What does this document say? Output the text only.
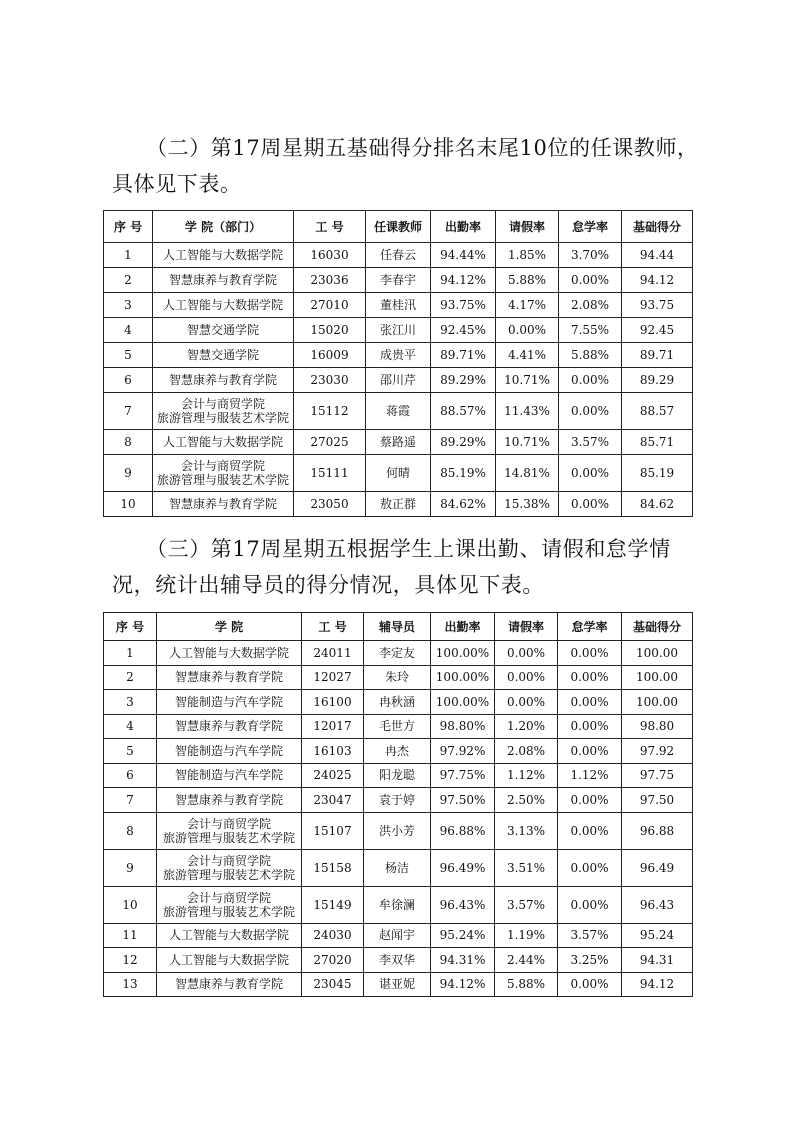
（二）第17周星期五基础得分排名末尾10位的任课教师，具体见下表。

序 号	学 院（部门）	工 号	任课教师	出勤率	请假率	怠学率	基础得分
1	人工智能与大数据学院	16030	任春云	94.44%	1.85%	3.70%	94.44
2	智慧康养与教育学院	23036	李春宇	94.12%	5.88%	0.00%	94.12
3	人工智能与大数据学院	27010	董桂汛	93.75%	4.17%	2.08%	93.75
4	智慧交通学院	15020	张江川	92.45%	0.00%	7.55%	92.45
5	智慧交通学院	16009	成贵平	89.71%	4.41%	5.88%	89.71
6	智慧康养与教育学院	23030	邵川芹	89.29%	10.71%	0.00%	89.29
7	会计与商贸学院
旅游管理与服装艺术学院	15112	蒋霞	88.57%	11.43%	0.00%	88.57
8	人工智能与大数据学院	27025	蔡路遥	89.29%	10.71%	3.57%	85.71
9	会计与商贸学院
旅游管理与服装艺术学院	15111	何晴	85.19%	14.81%	0.00%	85.19
10	智慧康养与教育学院	23050	敖正群	84.62%	15.38%	0.00%	84.62

（三）第17周星期五根据学生上课出勤、请假和怠学情况，统计出辅导员的得分情况，具体见下表。

序 号	学 院	工 号	辅导员	出勤率	请假率	怠学率	基础得分
1	人工智能与大数据学院	24011	李定友	100.00%	0.00%	0.00%	100.00
2	智慧康养与教育学院	12027	朱玲	100.00%	0.00%	0.00%	100.00
3	智能制造与汽车学院	16100	冉秋涵	100.00%	0.00%	0.00%	100.00
4	智慧康养与教育学院	12017	毛世方	98.80%	1.20%	0.00%	98.80
5	智能制造与汽车学院	16103	冉杰	97.92%	2.08%	0.00%	97.92
6	智能制造与汽车学院	24025	阳龙聪	97.75%	1.12%	1.12%	97.75
7	智慧康养与教育学院	23047	袁于婷	97.50%	2.50%	0.00%	97.50
8	会计与商贸学院
旅游管理与服装艺术学院	15107	洪小芳	96.88%	3.13%	0.00%	96.88
9	会计与商贸学院
旅游管理与服装艺术学院	15158	杨洁	96.49%	3.51%	0.00%	96.49
10	会计与商贸学院
旅游管理与服装艺术学院	15149	牟徐澜	96.43%	3.57%	0.00%	96.43
11	人工智能与大数据学院	24030	赵闻宇	95.24%	1.19%	3.57%	95.24
12	人工智能与大数据学院	27020	李双华	94.31%	2.44%	3.25%	94.31
13	智慧康养与教育学院	23045	谌亚妮	94.12%	5.88%	0.00%	94.12
